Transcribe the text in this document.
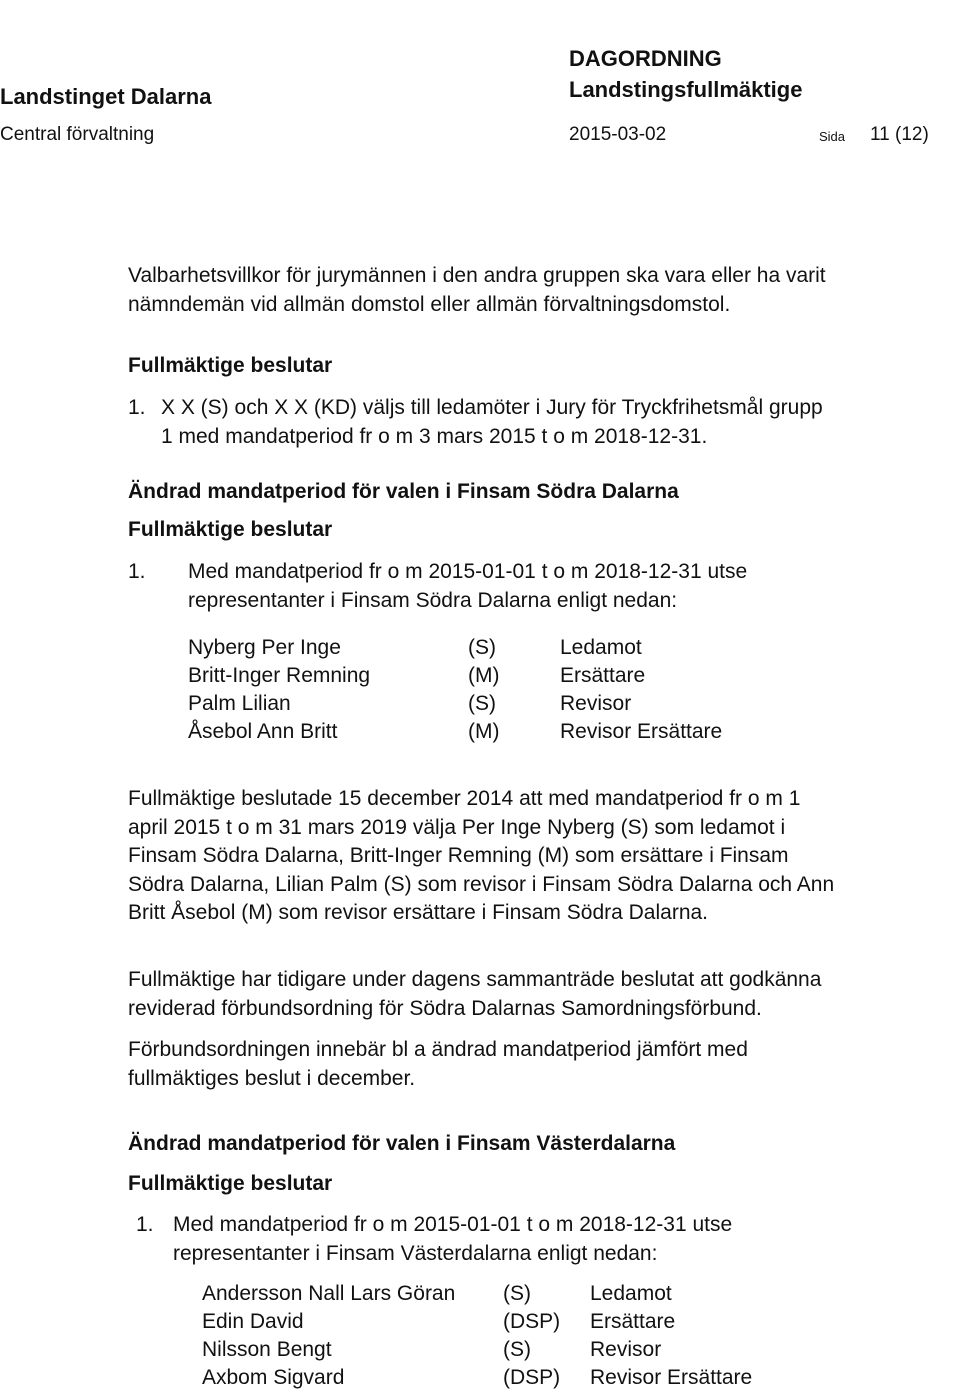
Landstinget Dalarna
Central förvaltning
DAGORDNING
Landstingsfullmäktige
2015-03-02	Sida 11 (12)
Valbarhetsvillkor för jurymännen i den andra gruppen ska vara eller ha varit
nämndemän vid allmän domstol eller allmän förvaltningsdomstol.
Fullmäktige beslutar
1. X X (S) och X X (KD) väljs till ledamöter i Jury för Tryckfrihetsmål grupp
1 med mandatperiod fr o m 3 mars 2015 t o m 2018-12-31.
Ändrad mandatperiod för valen i Finsam Södra Dalarna
Fullmäktige beslutar
1. Med mandatperiod fr o m 2015-01-01 t o m 2018-12-31 utse
representanter i Finsam Södra Dalarna enligt nedan:
Nyberg Per Inge	(S)	Ledamot
Britt-Inger Remning	(M)	Ersättare
Palm Lilian	(S)	Revisor
Åsebol Ann Britt	(M)	Revisor Ersättare
Fullmäktige beslutade 15 december 2014 att med mandatperiod fr o m 1
april 2015 t o m 31 mars 2019 välja Per Inge Nyberg (S) som ledamot i
Finsam Södra Dalarna, Britt-Inger Remning (M) som ersättare i Finsam
Södra Dalarna, Lilian Palm (S) som revisor i Finsam Södra Dalarna och Ann
Britt Åsebol (M) som revisor ersättare i Finsam Södra Dalarna.
Fullmäktige har tidigare under dagens sammanträde beslutat att godkänna
reviderad förbundsordning för Södra Dalarnas Samordningsförbund.
Förbundsordningen innebär bl a ändrad mandatperiod jämfört med
fullmäktiges beslut i december.
Ändrad mandatperiod för valen i Finsam Västerdalarna
Fullmäktige beslutar
1. Med mandatperiod fr o m 2015-01-01 t o m 2018-12-31 utse
representanter i Finsam Västerdalarna enligt nedan:
Andersson Nall Lars Göran	(S)	Ledamot
Edin David	(DSP)	Ersättare
Nilsson Bengt	(S)	Revisor
Axbom Sigvard	(DSP)	Revisor Ersättare
